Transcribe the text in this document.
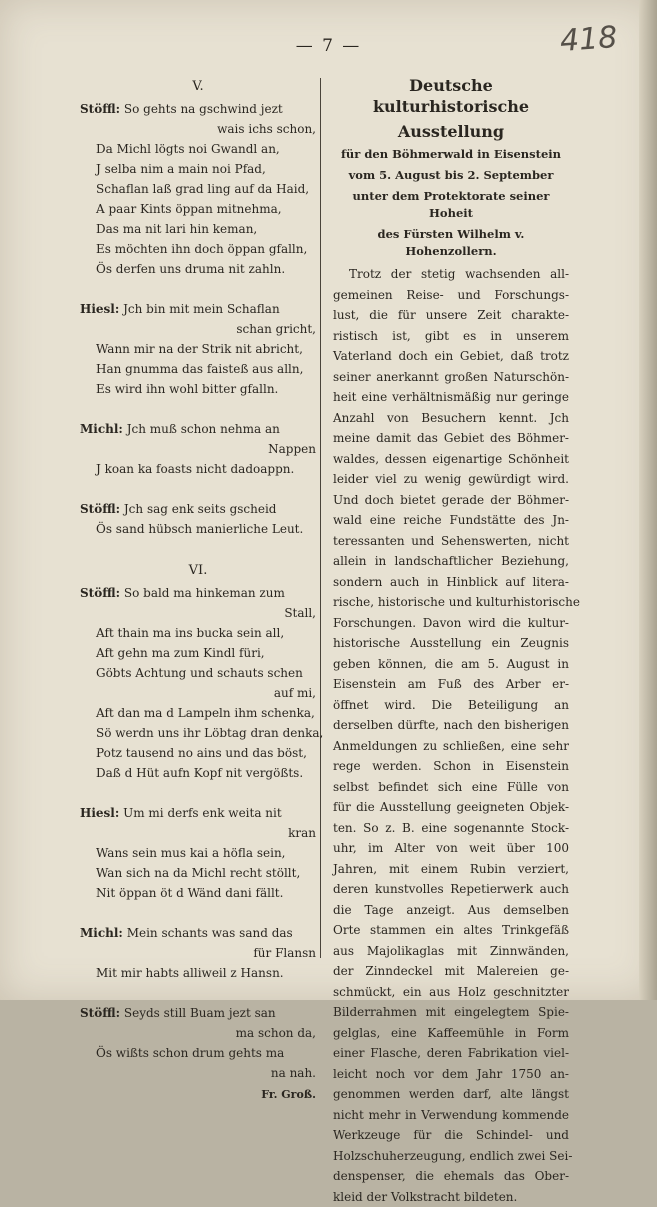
— 7 —	418
V.
Stöffl: So gehts na gschwind jezt
wais ichs schon,
Da Michl lögts noi Gwandl an,
J selba nim a main noi Pfad,
Schaflan laß grad ling auf da Haid,
A paar Kints öppan mitnehma,
Das ma nit lari hin keman,
Es möchten ihn doch öppan gfalln,
Ös derfen uns druma nit zahln.
Hiesl: Jch bin mit mein Schaflan
schan gricht,
Wann mir na der Strik nit abricht,
Han gnumma das faisteß aus alln,
Es wird ihn wohl bitter gfalln.
Michl: Jch muß schon nehma an
Nappen
J koan ka foasts nicht dadoappn.
Stöffl: Jch sag enk seits gscheid
Ös sand hübsch manierliche Leut.
VI.
Stöffl: So bald ma hinkeman zum
Stall,
Aft thain ma ins bucka sein all,
Aft gehn ma zum Kindl füri,
Göbts Achtung und schauts schen
auf mi,
Aft dan ma d Lampeln ihm schenka,
Sö werdn uns ihr Löbtag dran denka,
Potz tausend no ains und das böst,
Daß d Hüt aufn Kopf nit vergößts.
Hiesl: Um mi derfs enk weita nit
kran
Wans sein mus kai a höfla sein,
Wan sich na da Michl recht stöllt,
Nit öppan öt d Wänd dani fällt.
Michl: Mein schants was sand das
für Flansn
Mit mir habts alliweil z Hansn.
Stöffl: Seyds still Buam jezt san
ma schon da,
Ös wißts schon drum gehts ma
na nah.
Fr. Groß.
Deutsche kulturhistorische
Ausstellung
für den Böhmerwald in Eisenstein
vom 5. August bis 2. September
unter dem Protektorate seiner Hoheit
des Fürsten Wilhelm v. Hohenzollern.
Trotz der stetig wachsenden all-
gemeinen Reise- und Forschungs-
lust, die für unsere Zeit charakte-
ristisch ist, gibt es in unserem
Vaterland doch ein Gebiet, daß trotz
seiner anerkannt großen Naturschön-
heit eine verhältnismäßig nur geringe
Anzahl von Besuchern kennt. Jch
meine damit das Gebiet des Böhmer-
waldes, dessen eigenartige Schönheit
leider viel zu wenig gewürdigt wird.
Und doch bietet gerade der Böhmer-
wald eine reiche Fundstätte des Jn-
teressanten und Sehenswerten, nicht
allein in landschaftlicher Beziehung,
sondern auch in Hinblick auf litera-
rische, historische und kulturhistorische
Forschungen. Davon wird die kultur-
historische Ausstellung ein Zeugnis
geben können, die am 5. August in
Eisenstein am Fuß des Arber er-
öffnet wird. Die Beteiligung an
derselben dürfte, nach den bisherigen
Anmeldungen zu schließen, eine sehr
rege werden. Schon in Eisenstein
selbst befindet sich eine Fülle von
für die Ausstellung geeigneten Objek-
ten. So z. B. eine sogenannte Stock-
uhr, im Alter von weit über 100
Jahren, mit einem Rubin verziert,
deren kunstvolles Repetierwerk auch
die Tage anzeigt. Aus demselben
Orte stammen ein altes Trinkgefäß
aus Majolikaglas mit Zinnwänden,
der Zinndeckel mit Malereien ge-
schmückt, ein aus Holz geschnitzter
Bilderrahmen mit eingelegtem Spie-
gelglas, eine Kaffeemühle in Form
einer Flasche, deren Fabrikation viel-
leicht noch vor dem Jahr 1750 an-
genommen werden darf, alte längst
nicht mehr in Verwendung kommende
Werkzeuge für die Schindel- und
Holzschuherzeugung, endlich zwei Sei-
denspenser, die ehemals das Ober-
kleid der Volkstracht bildeten.
